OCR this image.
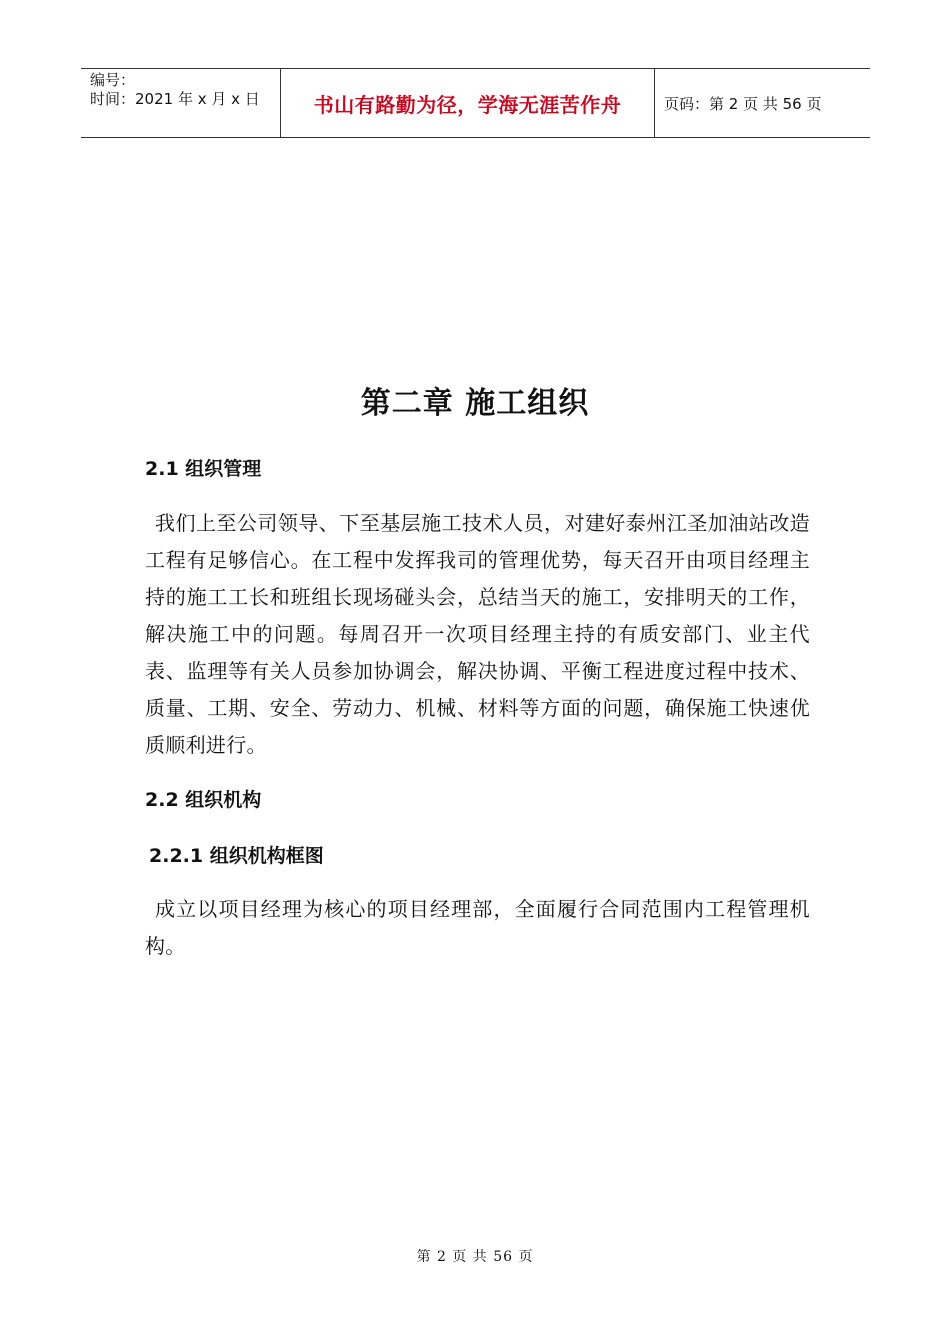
编号：
时间：2021 年 x 月 x 日	书山有路勤为径，学海无涯苦作舟	页码：第 2 页 共 56 页
第二章 施工组织
2.1 组织管理
我们上至公司领导、下至基层施工技术人员，对建好泰州江圣加油站改造工程有足够信心。在工程中发挥我司的管理优势，每天召开由项目经理主持的施工工长和班组长现场碰头会，总结当天的施工，安排明天的工作，解决施工中的问题。每周召开一次项目经理主持的有质安部门、业主代表、监理等有关人员参加协调会，解决协调、平衡工程进度过程中技术、质量、工期、安全、劳动力、机械、材料等方面的问题，确保施工快速优质顺利进行。
2.2 组织机构
2.2.1 组织机构框图
成立以项目经理为核心的项目经理部，全面履行合同范围内工程管理机构。
第 2 页 共 56 页
